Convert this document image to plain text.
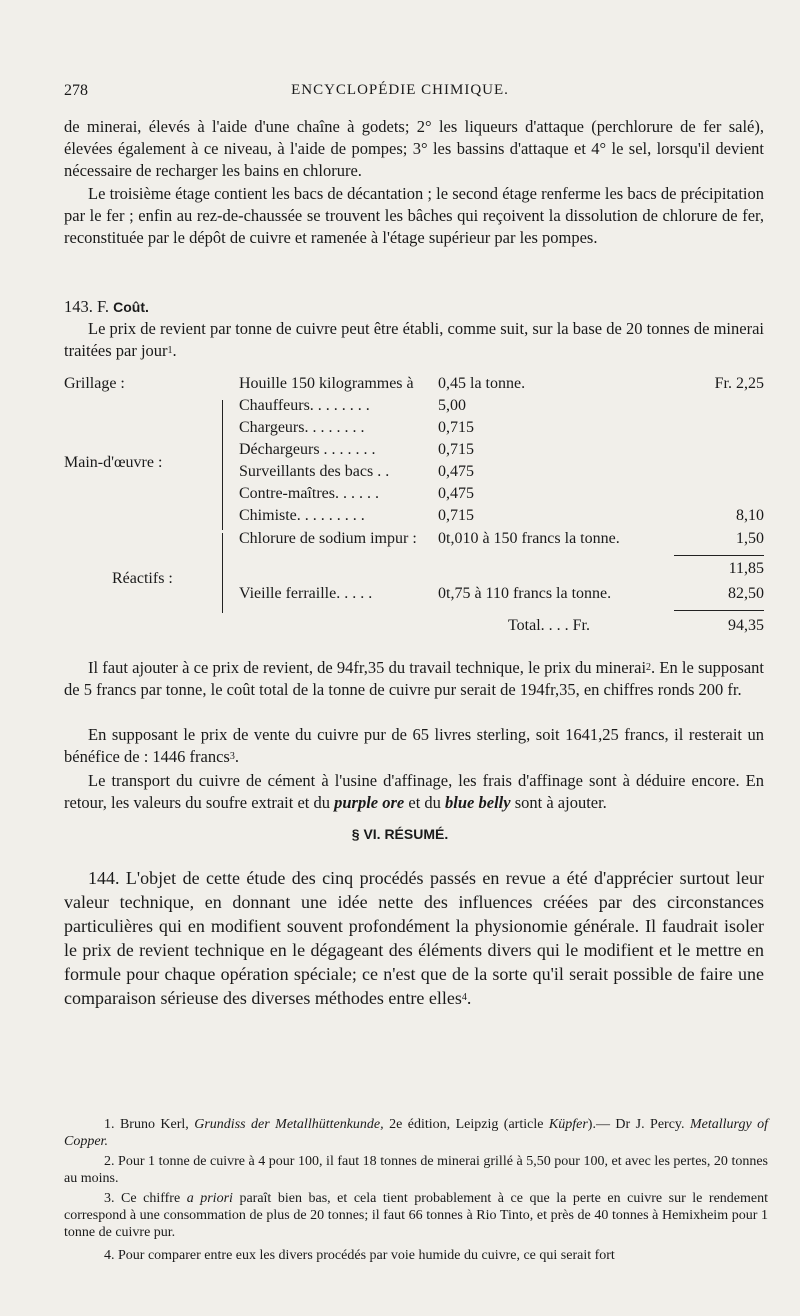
278	ENCYCLOPÉDIE CHIMIQUE.

de minerai, élevés à l'aide d'une chaîne à godets; 2° les liqueurs d'attaque (perchlorure de fer salé), élevées également à ce niveau, à l'aide de pompes; 3° les bassins d'attaque et 4° le sel, lorsqu'il devient nécessaire de recharger les bains en chlorure.

Le troisième étage contient les bacs de décantation ; le second étage renferme les bacs de précipitation par le fer ; enfin au rez-de-chaussée se trouvent les bâches qui reçoivent la dissolution de chlorure de fer, reconstituée par le dépôt de cuivre et ramenée à l'étage supérieur par les pompes.

143. F. Coût.

Le prix de revient par tonne de cuivre peut être établi, comme suit, sur la base de 20 tonnes de minerai traitées par jour$^1$.

Grillage :	Houille 150 kilogrammes à 0,45 la tonne.	Fr. 2,25
Main-d'œuvre :
Chauffeurs. . . . . . . .	5,00
Chargeurs. . . . . . . .	0,715
Déchargeurs . . . . . . .	0,715
Surveillants des bacs . .	0,475
Contre-maîtres. . . . . .	0,475
Chimiste. . . . . . . . .	0,715	8,10
Réactifs :
Chlorure de sodium impur : 0t,010 à 150 francs la tonne.	1,50
11,85
Vieille ferraille. . . . .	0t,75 à 110 francs la tonne.	82,50
Total. . . . Fr.	94,35

Il faut ajouter à ce prix de revient, de 94fr,35 du travail technique, le prix du minerai$^2$. En le supposant de 5 francs par tonne, le coût total de la tonne de cuivre pur serait de 194fr,35, en chiffres ronds 200 fr.

En supposant le prix de vente du cuivre pur de 65 livres sterling, soit 1641,25 francs, il resterait un bénéfice de : 1446 francs$^3$.

Le transport du cuivre de cément à l'usine d'affinage, les frais d'affinage sont à déduire encore. En retour, les valeurs du soufre extrait et du purple ore et du blue belly sont à ajouter.

§ VI. RÉSUMÉ.

144. L'objet de cette étude des cinq procédés passés en revue a été d'apprécier surtout leur valeur technique, en donnant une idée nette des influences créées par des circonstances particulières qui en modifient souvent profondément la physionomie générale. Il faudrait isoler le prix de revient technique en le dégageant des éléments divers qui le modifient et le mettre en formule pour chaque opération spéciale; ce n'est que de la sorte qu'il serait possible de faire une comparaison sérieuse des diverses méthodes entre elles$^4$.

1. Bruno Kerl, Grundiss der Metallhüttenkunde, 2e édition, Leipzig (article Küpfer).— Dr J. Percy. Metallurgy of Copper.

2. Pour 1 tonne de cuivre à 4 pour 100, il faut 18 tonnes de minerai grillé à 5,50 pour 100, et avec les pertes, 20 tonnes au moins.

3. Ce chiffre a priori paraît bien bas, et cela tient probablement à ce que la perte en cuivre sur le rendement correspond à une consommation de plus de 20 tonnes; il faut 66 tonnes à Rio Tinto, et près de 40 tonnes à Hemixheim pour 1 tonne de cuivre pur.

4. Pour comparer entre eux les divers procédés par voie humide du cuivre, ce qui serait fort
